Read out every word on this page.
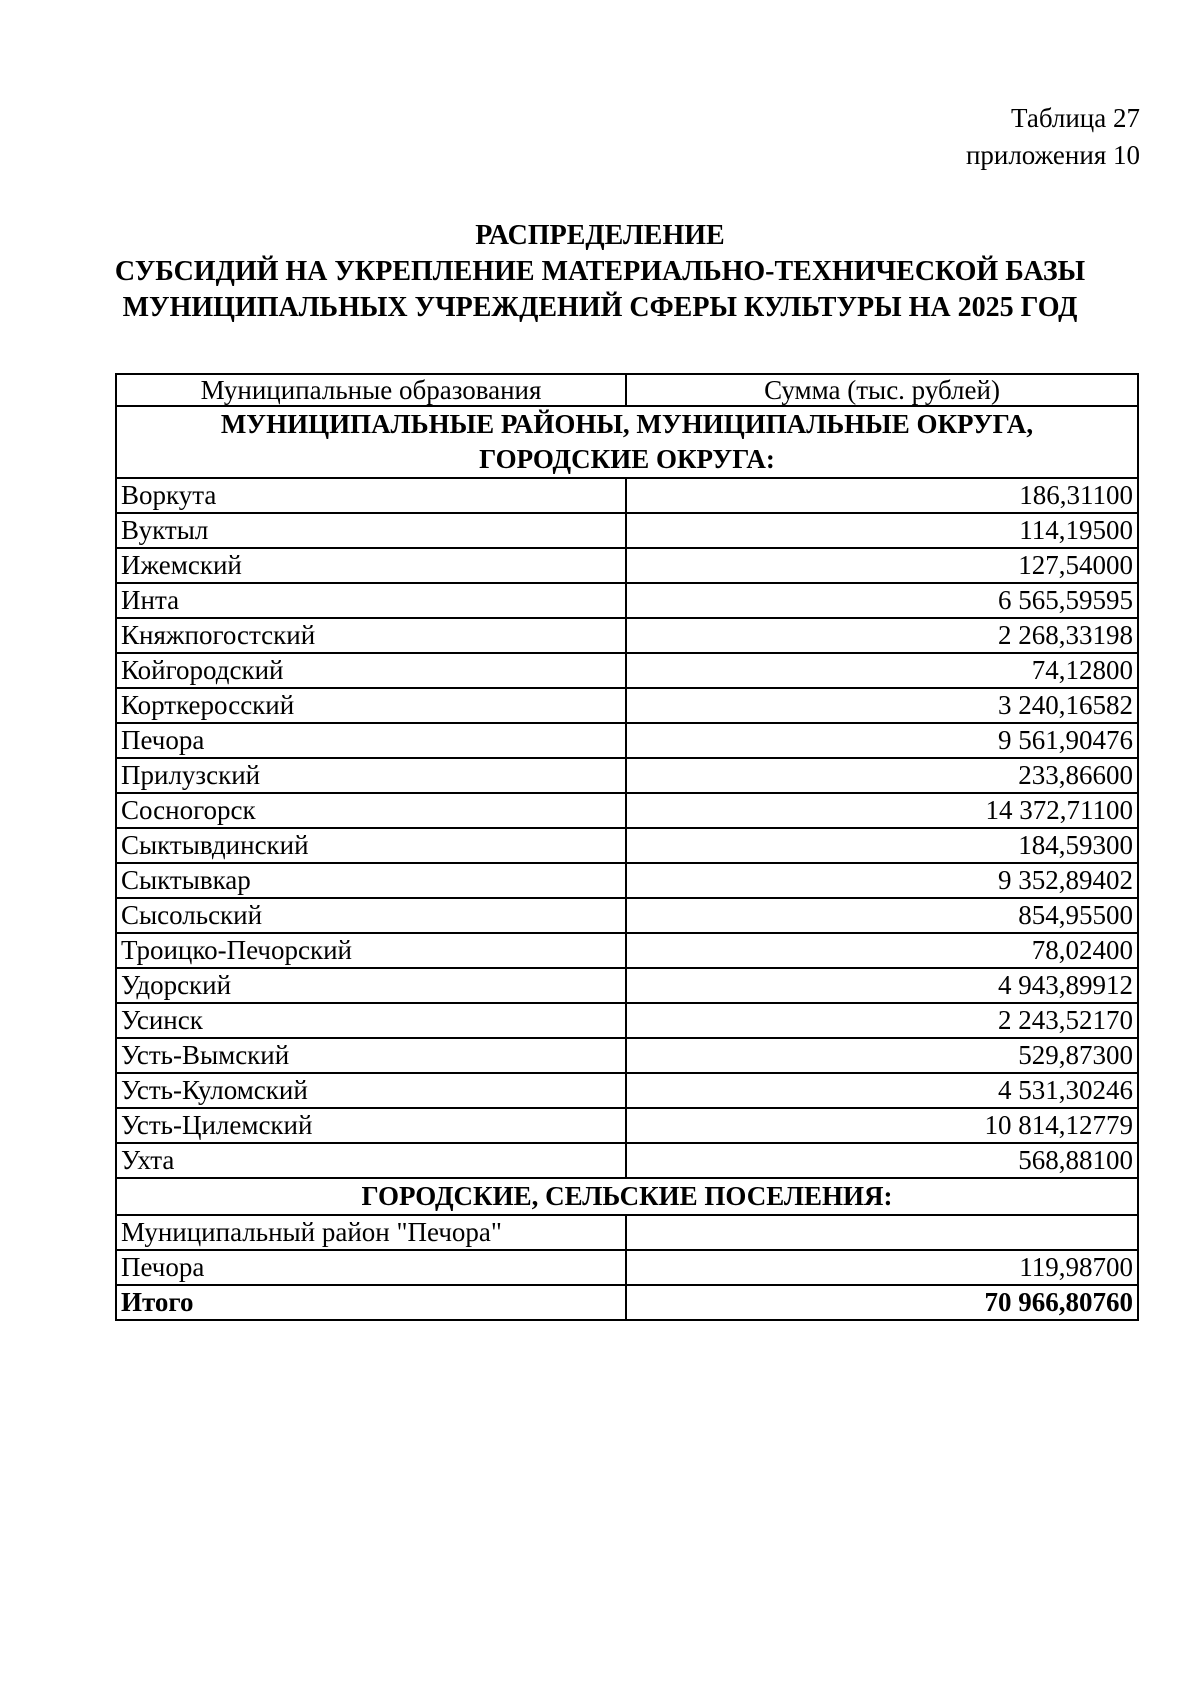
Таблица 27
приложения 10
РАСПРЕДЕЛЕНИЕ
СУБСИДИЙ НА УКРЕПЛЕНИЕ МАТЕРИАЛЬНО-ТЕХНИЧЕСКОЙ БАЗЫ
МУНИЦИПАЛЬНЫХ УЧРЕЖДЕНИЙ СФЕРЫ КУЛЬТУРЫ НА 2025 ГОД
Муниципальные образования	Сумма (тыс. рублей)
МУНИЦИПАЛЬНЫЕ РАЙОНЫ, МУНИЦИПАЛЬНЫЕ ОКРУГА,
ГОРОДСКИЕ ОКРУГА:	
Воркута	186,31100
Вуктыл	114,19500
Ижемский	127,54000
Инта	6 565,59595
Княжпогостский	2 268,33198
Койгородский	74,12800
Корткеросский	3 240,16582
Печора	9 561,90476
Прилузский	233,86600
Сосногорск	14 372,71100
Сыктывдинский	184,59300
Сыктывкар	9 352,89402
Сысольский	854,95500
Троицко-Печорский	78,02400
Удорский	4 943,89912
Усинск	2 243,52170
Усть-Вымский	529,87300
Усть-Куломский	4 531,30246
Усть-Цилемский	10 814,12779
Ухта	568,88100
ГОРОДСКИЕ, СЕЛЬСКИЕ ПОСЕЛЕНИЯ:	
Муниципальный район "Печора"	
Печора	119,98700
Итого	70 966,80760
